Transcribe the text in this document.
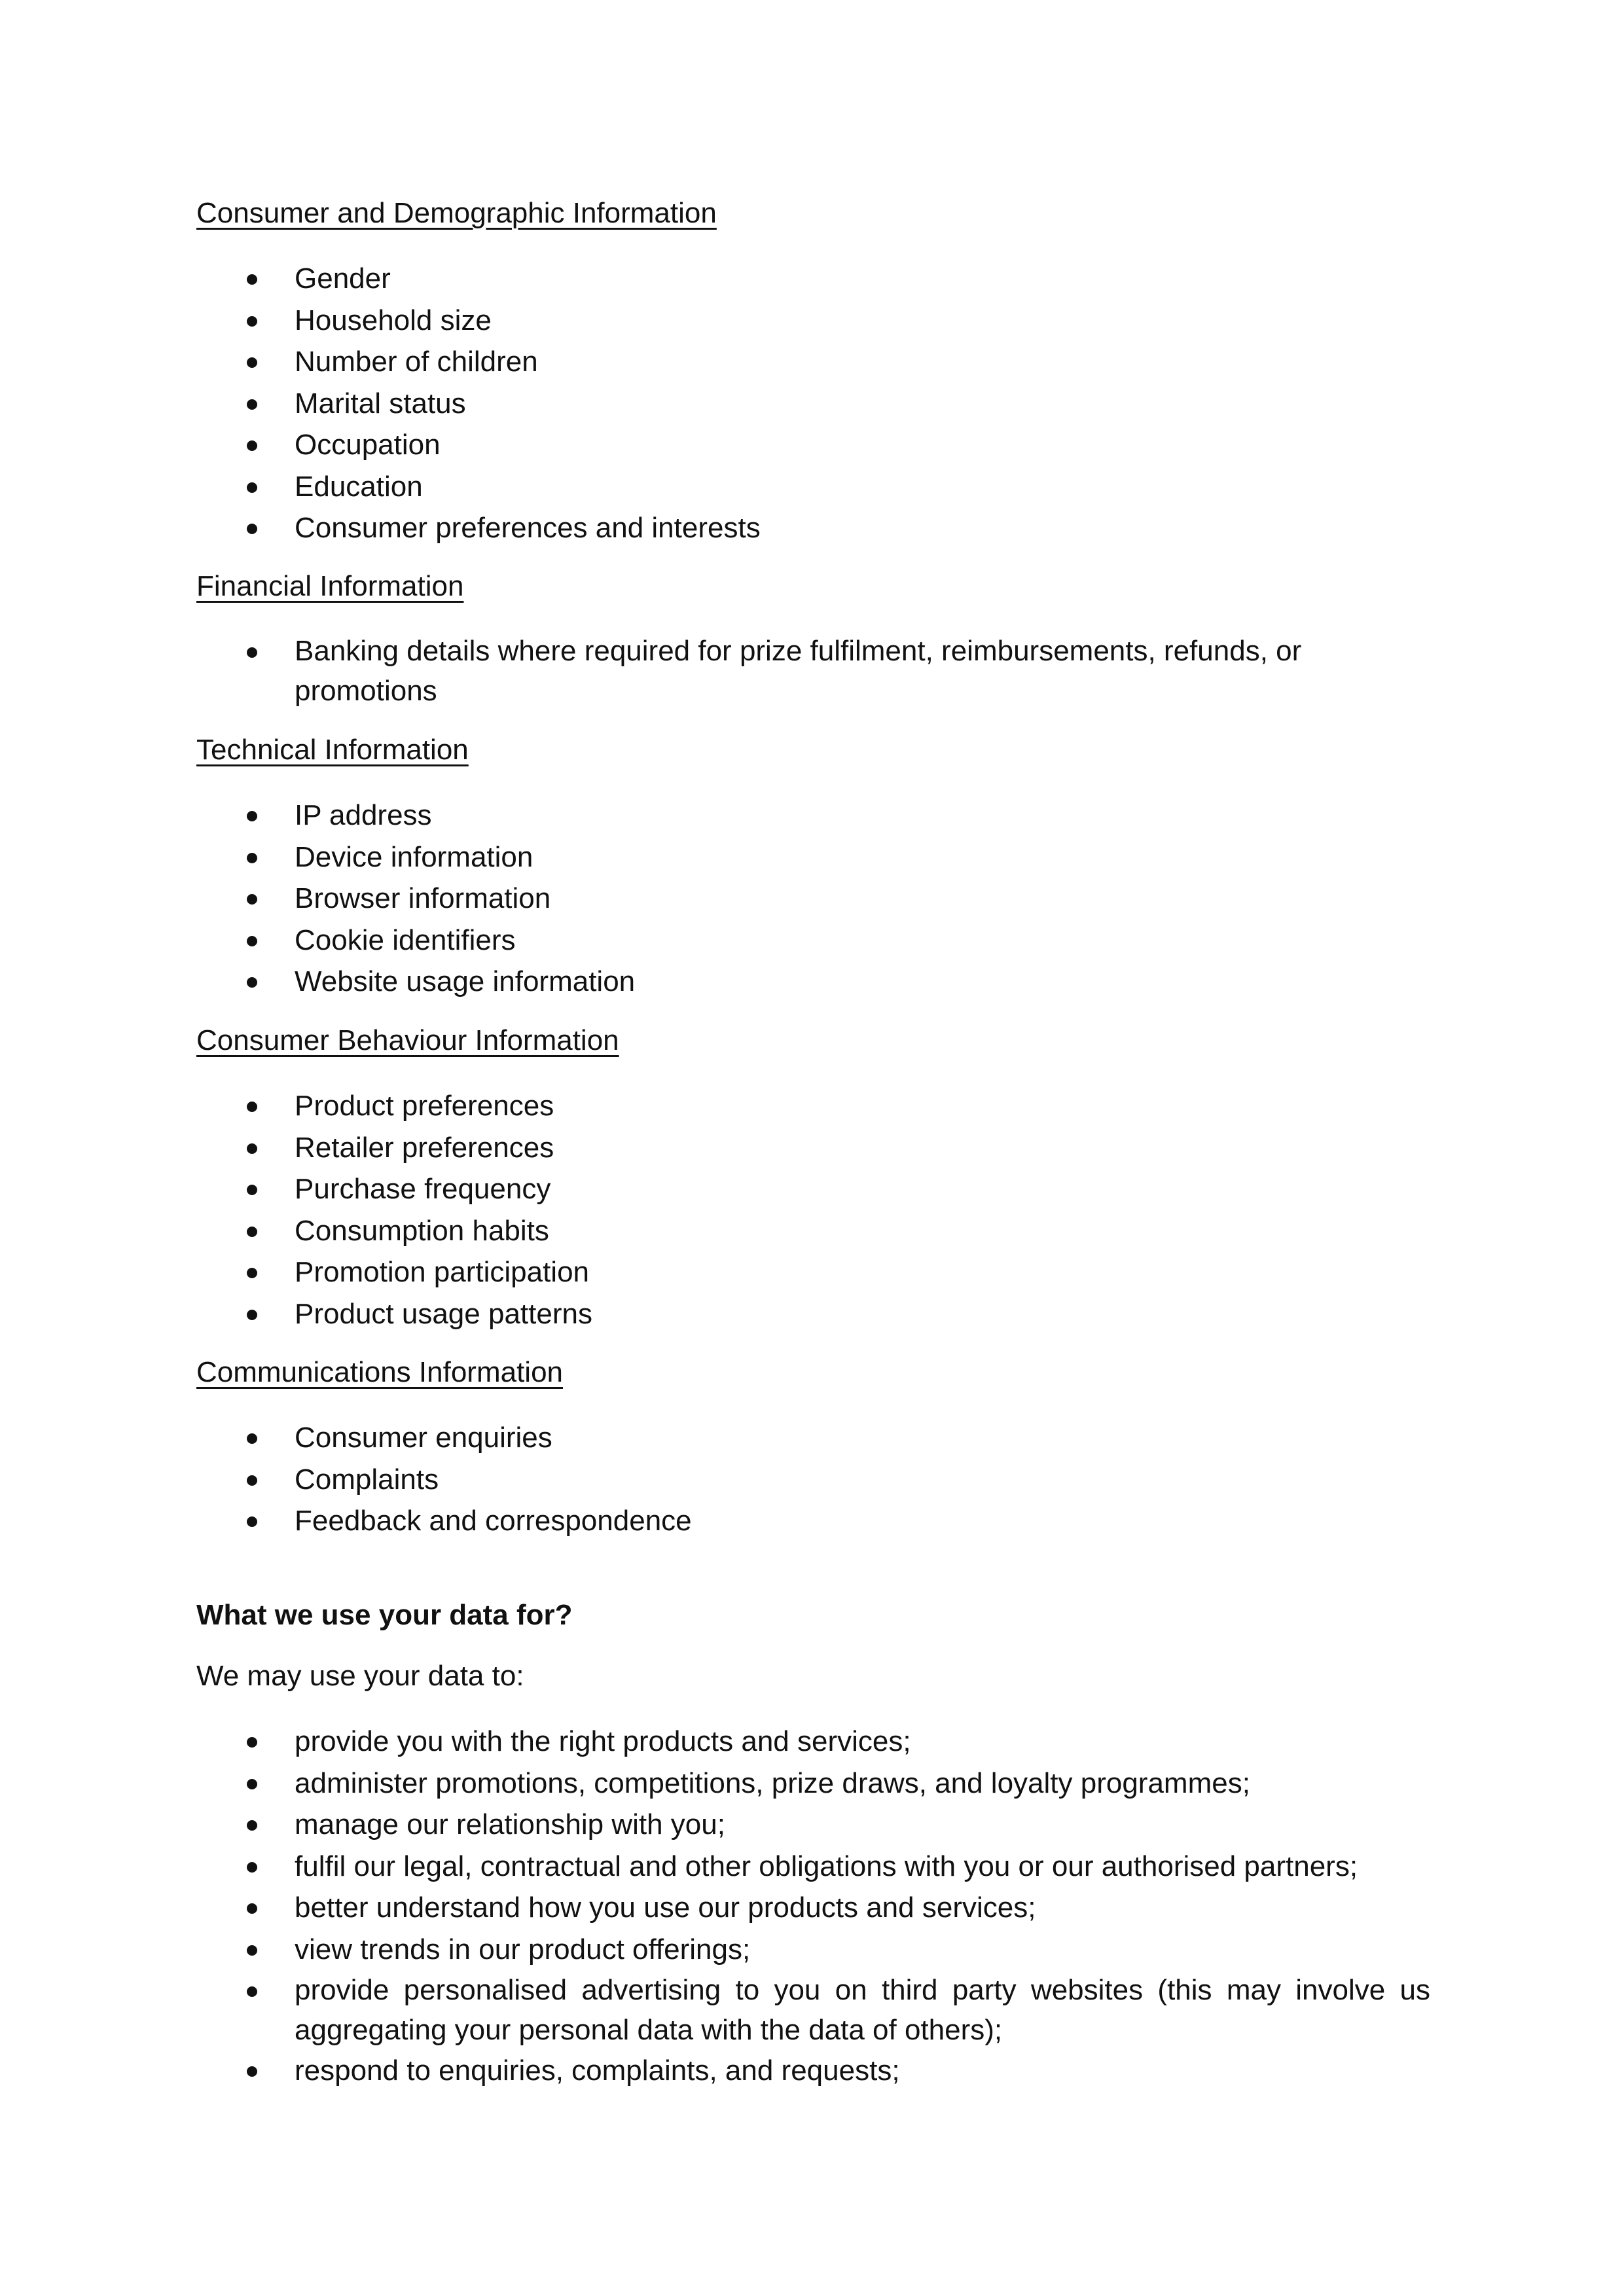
Consumer and Demographic Information
Gender
Household size
Number of children
Marital status
Occupation
Education
Consumer preferences and interests
Financial Information
Banking details where required for prize fulfilment, reimbursements, refunds, or promotions
Technical Information
IP address
Device information
Browser information
Cookie identifiers
Website usage information
Consumer Behaviour Information
Product preferences
Retailer preferences
Purchase frequency
Consumption habits
Promotion participation
Product usage patterns
Communications Information
Consumer enquiries
Complaints
Feedback and correspondence
What we use your data for?
We may use your data to:
provide you with the right products and services;
administer promotions, competitions, prize draws, and loyalty programmes;
manage our relationship with you;
fulfil our legal, contractual and other obligations with you or our authorised partners;
better understand how you use our products and services;
view trends in our product offerings;
provide personalised advertising to you on third party websites (this may involve us aggregating your personal data with the data of others);
respond to enquiries, complaints, and requests;
